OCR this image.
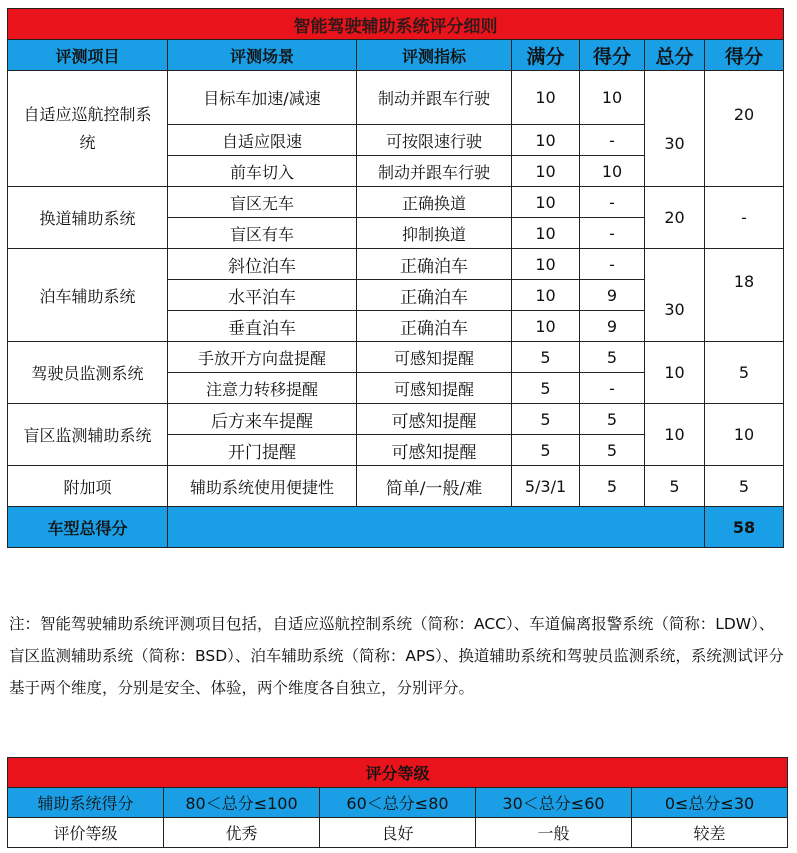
智能驾驶辅助系统评分细则						
评测项目	评测场景	评测指标	满分	得分	总分	得分
自适应巡航控制系统	目标车加速/减速	制动并跟车行驶	10	10	30	20
	自适应限速	可按限速行驶	10	-		
	前车切入	制动并跟车行驶	10	10		
换道辅助系统	盲区无车	正确换道	10	-	20	-
	盲区有车	抑制换道	10	-		
泊车辅助系统	斜位泊车	正确泊车	10	-	30	18
	水平泊车	正确泊车	10	9		
	垂直泊车	正确泊车	10	9		
驾驶员监测系统	手放开方向盘提醒	可感知提醒	5	5	10	5
	注意力转移提醒	可感知提醒	5	-		
盲区监测辅助系统	后方来车提醒	可感知提醒	5	5	10	10
	开门提醒	可感知提醒	5	5		
附加项	辅助系统使用便捷性	简单/一般/难	5/3/1	5	5	5
车型总得分						58

注：智能驾驶辅助系统评测项目包括，自适应巡航控制系统（简称：ACC）、车道偏离报警系统（简称：LDW）、盲区监测辅助系统（简称：BSD）、泊车辅助系统（简称：APS）、换道辅助系统和驾驶员监测系统，系统测试评分基于两个维度，分别是安全、体验，两个维度各自独立，分别评分。

评分等级				
辅助系统得分	80＜总分≤100	60＜总分≤80	30＜总分≤60	0≤总分≤30
评价等级	优秀	良好	一般	较差
